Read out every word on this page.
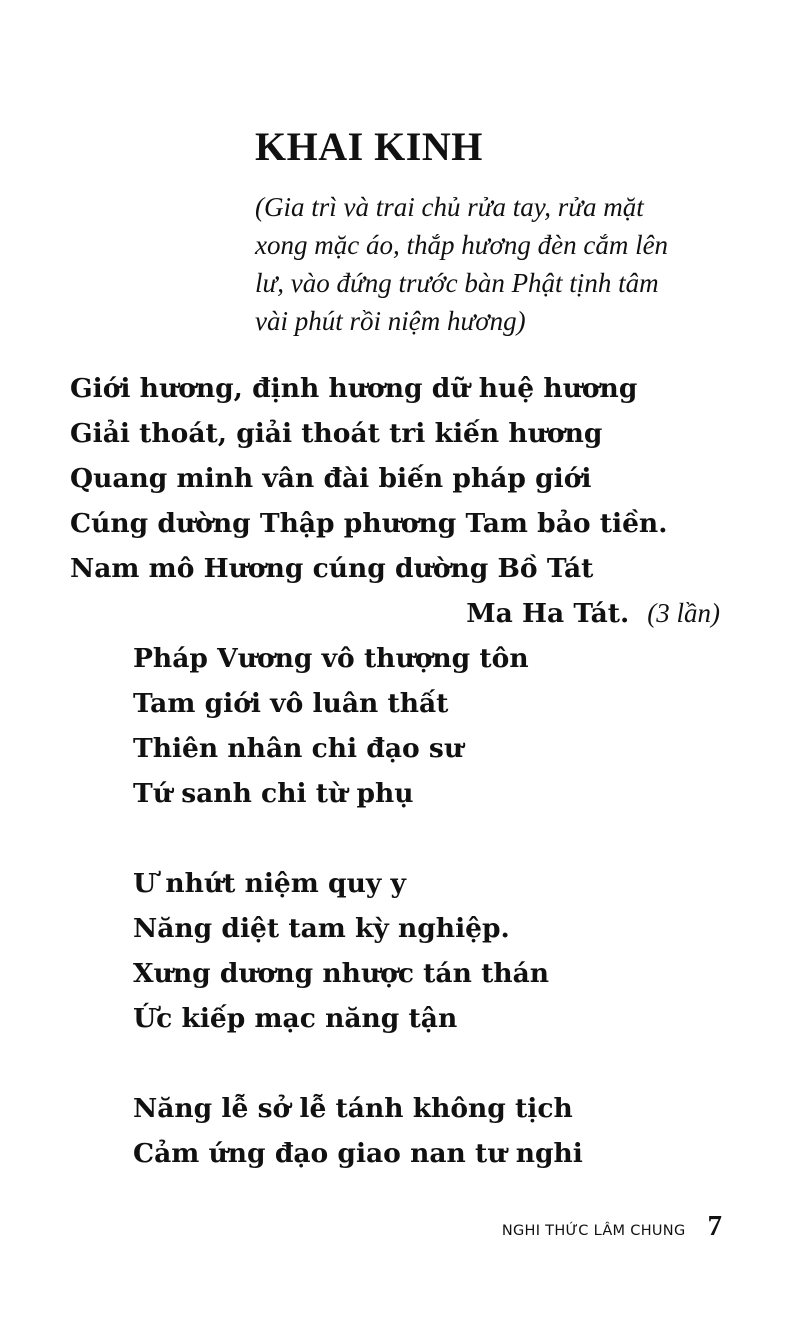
KHAI KINH
(Gia trì và trai chủ rửa tay, rửa mặt
xong mặc áo, thắp hương đèn cắm lên
lư, vào đứng trước bàn Phật tịnh tâm
vài phút rồi niệm hương)
Giới hương, định hương dữ huệ hương
Giải thoát, giải thoát tri kiến hương
Quang minh vân đài biến pháp giới
Cúng dường Thập phương Tam bảo tiền.
Nam mô Hương cúng dường Bồ Tát
Ma Ha Tát. (3 lần)
Pháp Vương vô thượng tôn
Tam giới vô luân thất
Thiên nhân chi đạo sư
Tứ sanh chi từ phụ
Ư nhứt niệm quy y
Năng diệt tam kỳ nghiệp.
Xưng dương nhược tán thán
Ức kiếp mạc năng tận
Năng lễ sở lễ tánh không tịch
Cảm ứng đạo giao nan tư nghi
NGHI THỨC LÂM CHUNG 7
